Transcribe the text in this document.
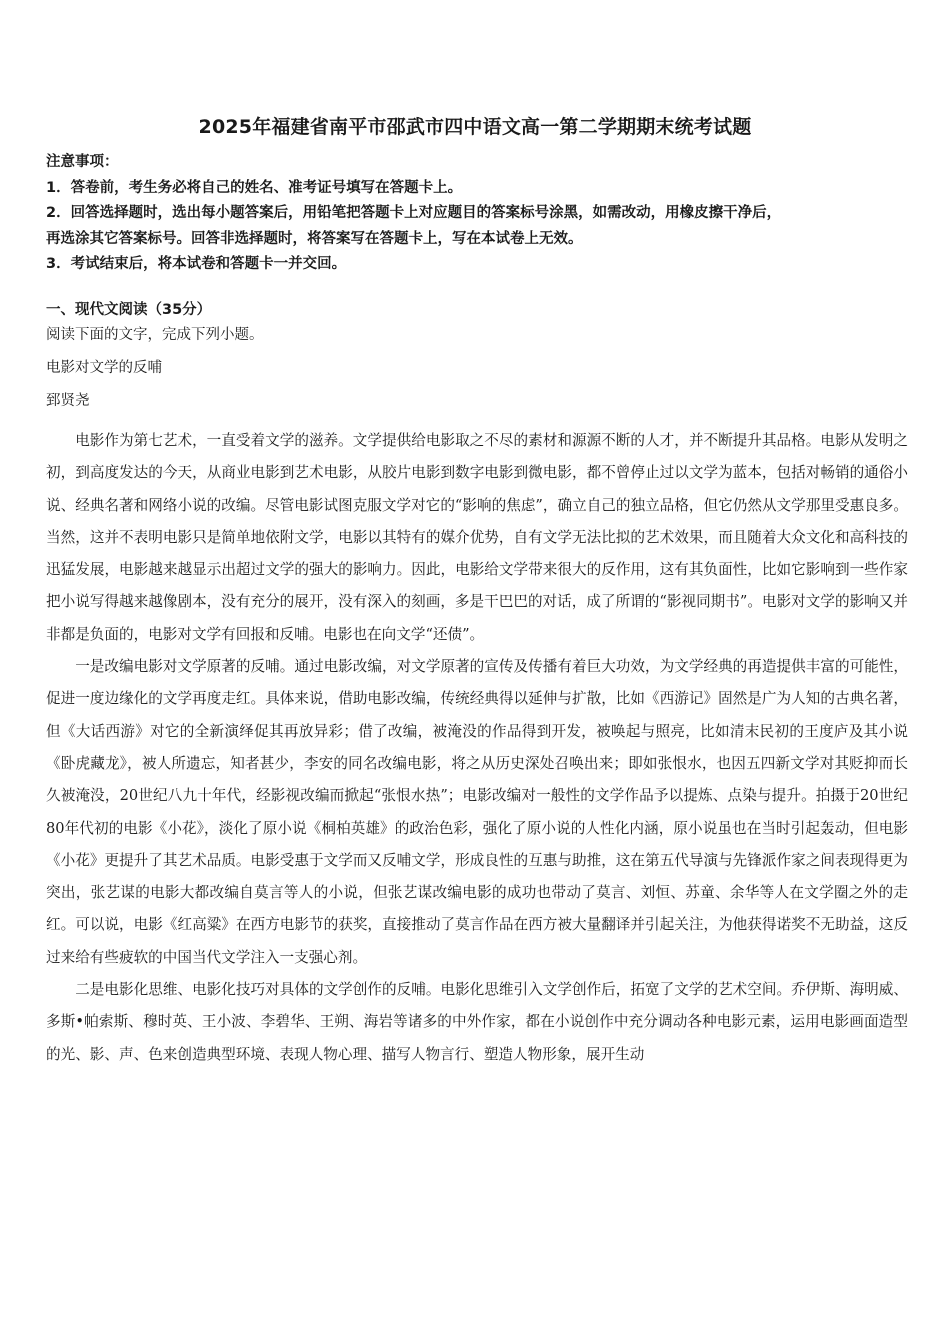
2025年福建省南平市邵武市四中语文高一第二学期期末统考试题
注意事项：
1．答卷前，考生务必将自己的姓名、准考证号填写在答题卡上。
2．回答选择题时，选出每小题答案后，用铅笔把答题卡上对应题目的答案标号涂黑，如需改动，用橡皮擦干净后，
再选涂其它答案标号。回答非选择题时，将答案写在答题卡上，写在本试卷上无效。
3．考试结束后，将本试卷和答题卡一并交回。
一、现代文阅读（35分）
阅读下面的文字，完成下列小题。
电影对文学的反哺
郅贤尧

电影作为第七艺术，一直受着文学的滋养。文学提供给电影取之不尽的素材和源源不断的人才，并不断提升其品格。电影从发明之初，到高度发达的今天，从商业电影到艺术电影，从胶片电影到数字电影到微电影，都不曾停止过以文学为蓝本，包括对畅销的通俗小说、经典名著和网络小说的改编。尽管电影试图克服文学对它的“影响的焦虑”，确立自己的独立品格，但它仍然从文学那里受惠良多。当然，这并不表明电影只是简单地依附文学，电影以其特有的媒介优势，自有文学无法比拟的艺术效果，而且随着大众文化和高科技的迅猛发展，电影越来越显示出超过文学的强大的影响力。因此，电影给文学带来很大的反作用，这有其负面性，比如它影响到一些作家把小说写得越来越像剧本，没有充分的展开，没有深入的刻画，多是干巴巴的对话，成了所谓的“影视同期书”。电影对文学的影响又并非都是负面的，电影对文学有回报和反哺。电影也在向文学“还债”。

一是改编电影对文学原著的反哺。通过电影改编，对文学原著的宣传及传播有着巨大功效，为文学经典的再造提供丰富的可能性，促进一度边缘化的文学再度走红。具体来说，借助电影改编，传统经典得以延伸与扩散，比如《西游记》固然是广为人知的古典名著，但《大话西游》对它的全新演绎促其再放异彩；借了改编，被淹没的作品得到开发，被唤起与照亮，比如清末民初的王度庐及其小说《卧虎藏龙》，被人所遗忘，知者甚少，李安的同名改编电影，将之从历史深处召唤出来；即如张恨水，也因五四新文学对其贬抑而长久被淹没，20世纪八九十年代，经影视改编而掀起“张恨水热”；电影改编对一般性的文学作品予以提炼、点染与提升。拍摄于20世纪80年代初的电影《小花》，淡化了原小说《桐柏英雄》的政治色彩，强化了原小说的人性化内涵，原小说虽也在当时引起轰动，但电影《小花》更提升了其艺术品质。电影受惠于文学而又反哺文学，形成良性的互惠与助推，这在第五代导演与先锋派作家之间表现得更为突出，张艺谋的电影大都改编自莫言等人的小说，但张艺谋改编电影的成功也带动了莫言、刘恒、苏童、余华等人在文学圈之外的走红。可以说，电影《红高粱》在西方电影节的获奖，直接推动了莫言作品在西方被大量翻译并引起关注，为他获得诺奖不无助益，这反过来给有些疲软的中国当代文学注入一支强心剂。

二是电影化思维、电影化技巧对具体的文学创作的反哺。电影化思维引入文学创作后，拓宽了文学的艺术空间。乔伊斯、海明威、多斯•帕索斯、穆时英、王小波、李碧华、王朔、海岩等诸多的中外作家，都在小说创作中充分调动各种电影元素，运用电影画面造型的光、影、声、色来创造典型环境、表现人物心理、描写人物言行、塑造人物形象，展开生动
